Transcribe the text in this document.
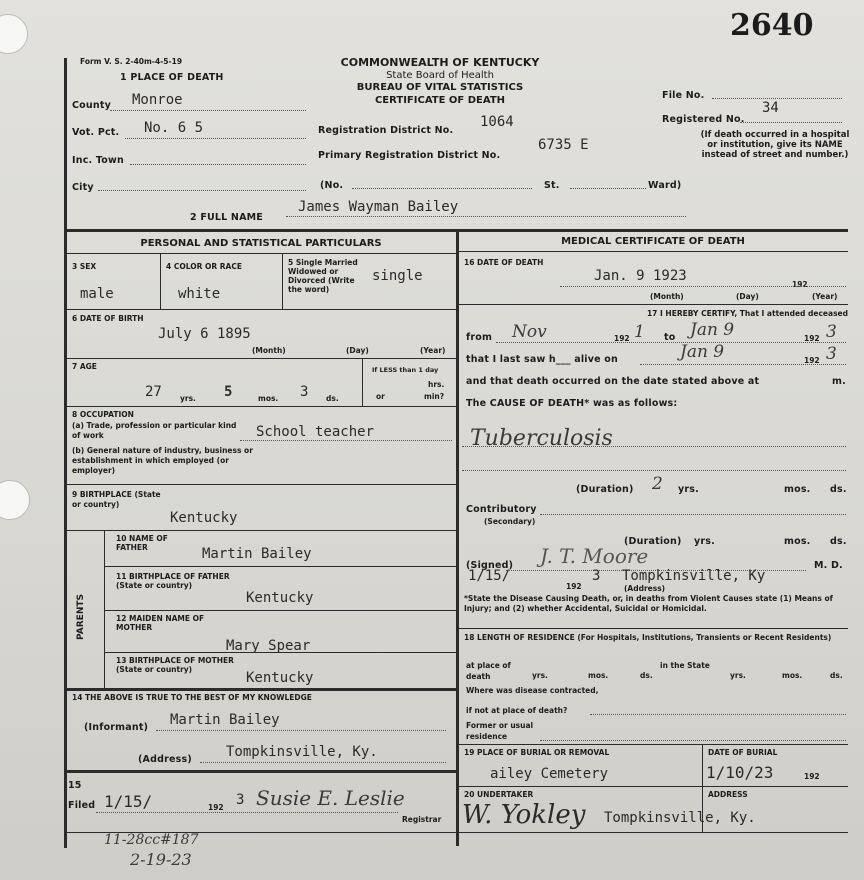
2640
Form V. S. 2-40m-4-5-19
1 PLACE OF DEATH
COMMONWEALTH OF KENTUCKY
State Board of Health
BUREAU OF VITAL STATISTICS
CERTIFICATE OF DEATH
County Monroe
Vot. Pct. No. 6 5
Inc. Town
City
Registration District No.
1064
Primary Registration District No.
6735 E
(No.	St.	Ward)
File No.
Registered No.
34
(If death occurred in a hospital or institution, give its NAME instead of street and number.)
2 FULL NAME
James Wayman Bailey
PERSONAL AND STATISTICAL PARTICULARS	MEDICAL CERTIFICATE OF DEATH
3 SEX
male
4 COLOR OR RACE
white
5 Single Married Widowed or Divorced (Write the word)
single
6 DATE OF BIRTH
July 6 1895
(Month)	(Day)	(Year)
7 AGE
27 yrs. 5	mos. 3 ds.
If LESS than 1 day
hrs.
or	min?
8 OCCUPATION
(a) Trade, profession or particular kind of work	School teacher
(b) General nature of industry, business or establishment in which employed (or employer)
9 BIRTHPLACE (State or country)
Kentucky
PARENTS
10 NAME OF FATHER	Martin Bailey
11 BIRTHPLACE OF FATHER (State or country)
Kentucky
12 MAIDEN NAME OF MOTHER
Mary Spear
13 BIRTHPLACE OF MOTHER (State or country)
Kentucky
14 THE ABOVE IS TRUE TO THE BEST OF MY KNOWLEDGE
(Informant) Martin Bailey
(Address) Tompkinsville, Ky.
15 Filed 1/15/	192 3 Susie E. Leslie
Registrar
11-28cc#187
2-19-23
16 DATE OF DEATH
Jan. 9 1923
192
(Month)	(Day)	(Year)
17 I HEREBY CERTIFY, That I attended deceased
from Nov	192 1 to Jan 9	192 3
that I last saw h___ alive on	Jan 9	192 3
and that death occurred on the date stated above at	m.
The CAUSE OF DEATH* was as follows:
Tuberculosis
(Duration) 2 yrs.	mos. ds.
Contributory
(Secondary)
(Duration) yrs.	mos. ds.
(Signed) J. T. Moore	M. D.
1/15/
192
3 Tompkinsville, Ky
(Address)
*State the Disease Causing Death, or, in deaths from Violent Causes state (1) Means of Injury; and (2) whether Accidental, Suicidal or Homicidal.
18 LENGTH OF RESIDENCE (For Hospitals, Institutions, Transients or Recent Residents)
at place of death	yrs.	mos.	ds.
in the State
yrs.	mos.	ds.
Where was disease contracted,
if not at place of death?
Former or usual residence
19 PLACE OF BURIAL OR REMOVAL
ailey Cemetery
DATE OF BURIAL
1/10/23	192
20 UNDERTAKER
W. Yokley
ADDRESS
Tompkinsville, Ky.
